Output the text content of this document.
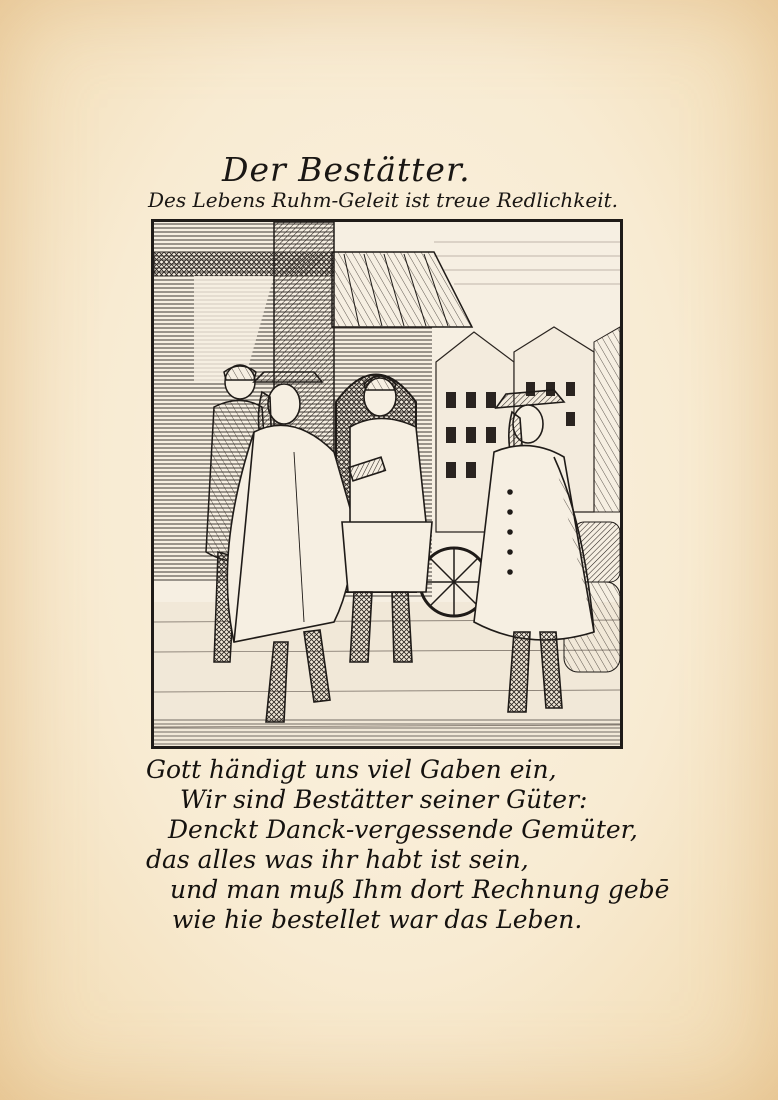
Der Bestätter.
Des Lebens Ruhm-Geleit ist treue Redlichkeit.
Gott händigt uns viel Gaben ein,
Wir sind Bestätter seiner Güter:
Denckt Danck-vergessende Gemüter,
das alles was ihr habt ist sein,
und man muß Ihm dort Rechnung gebē
wie hie bestellet war das Leben.
